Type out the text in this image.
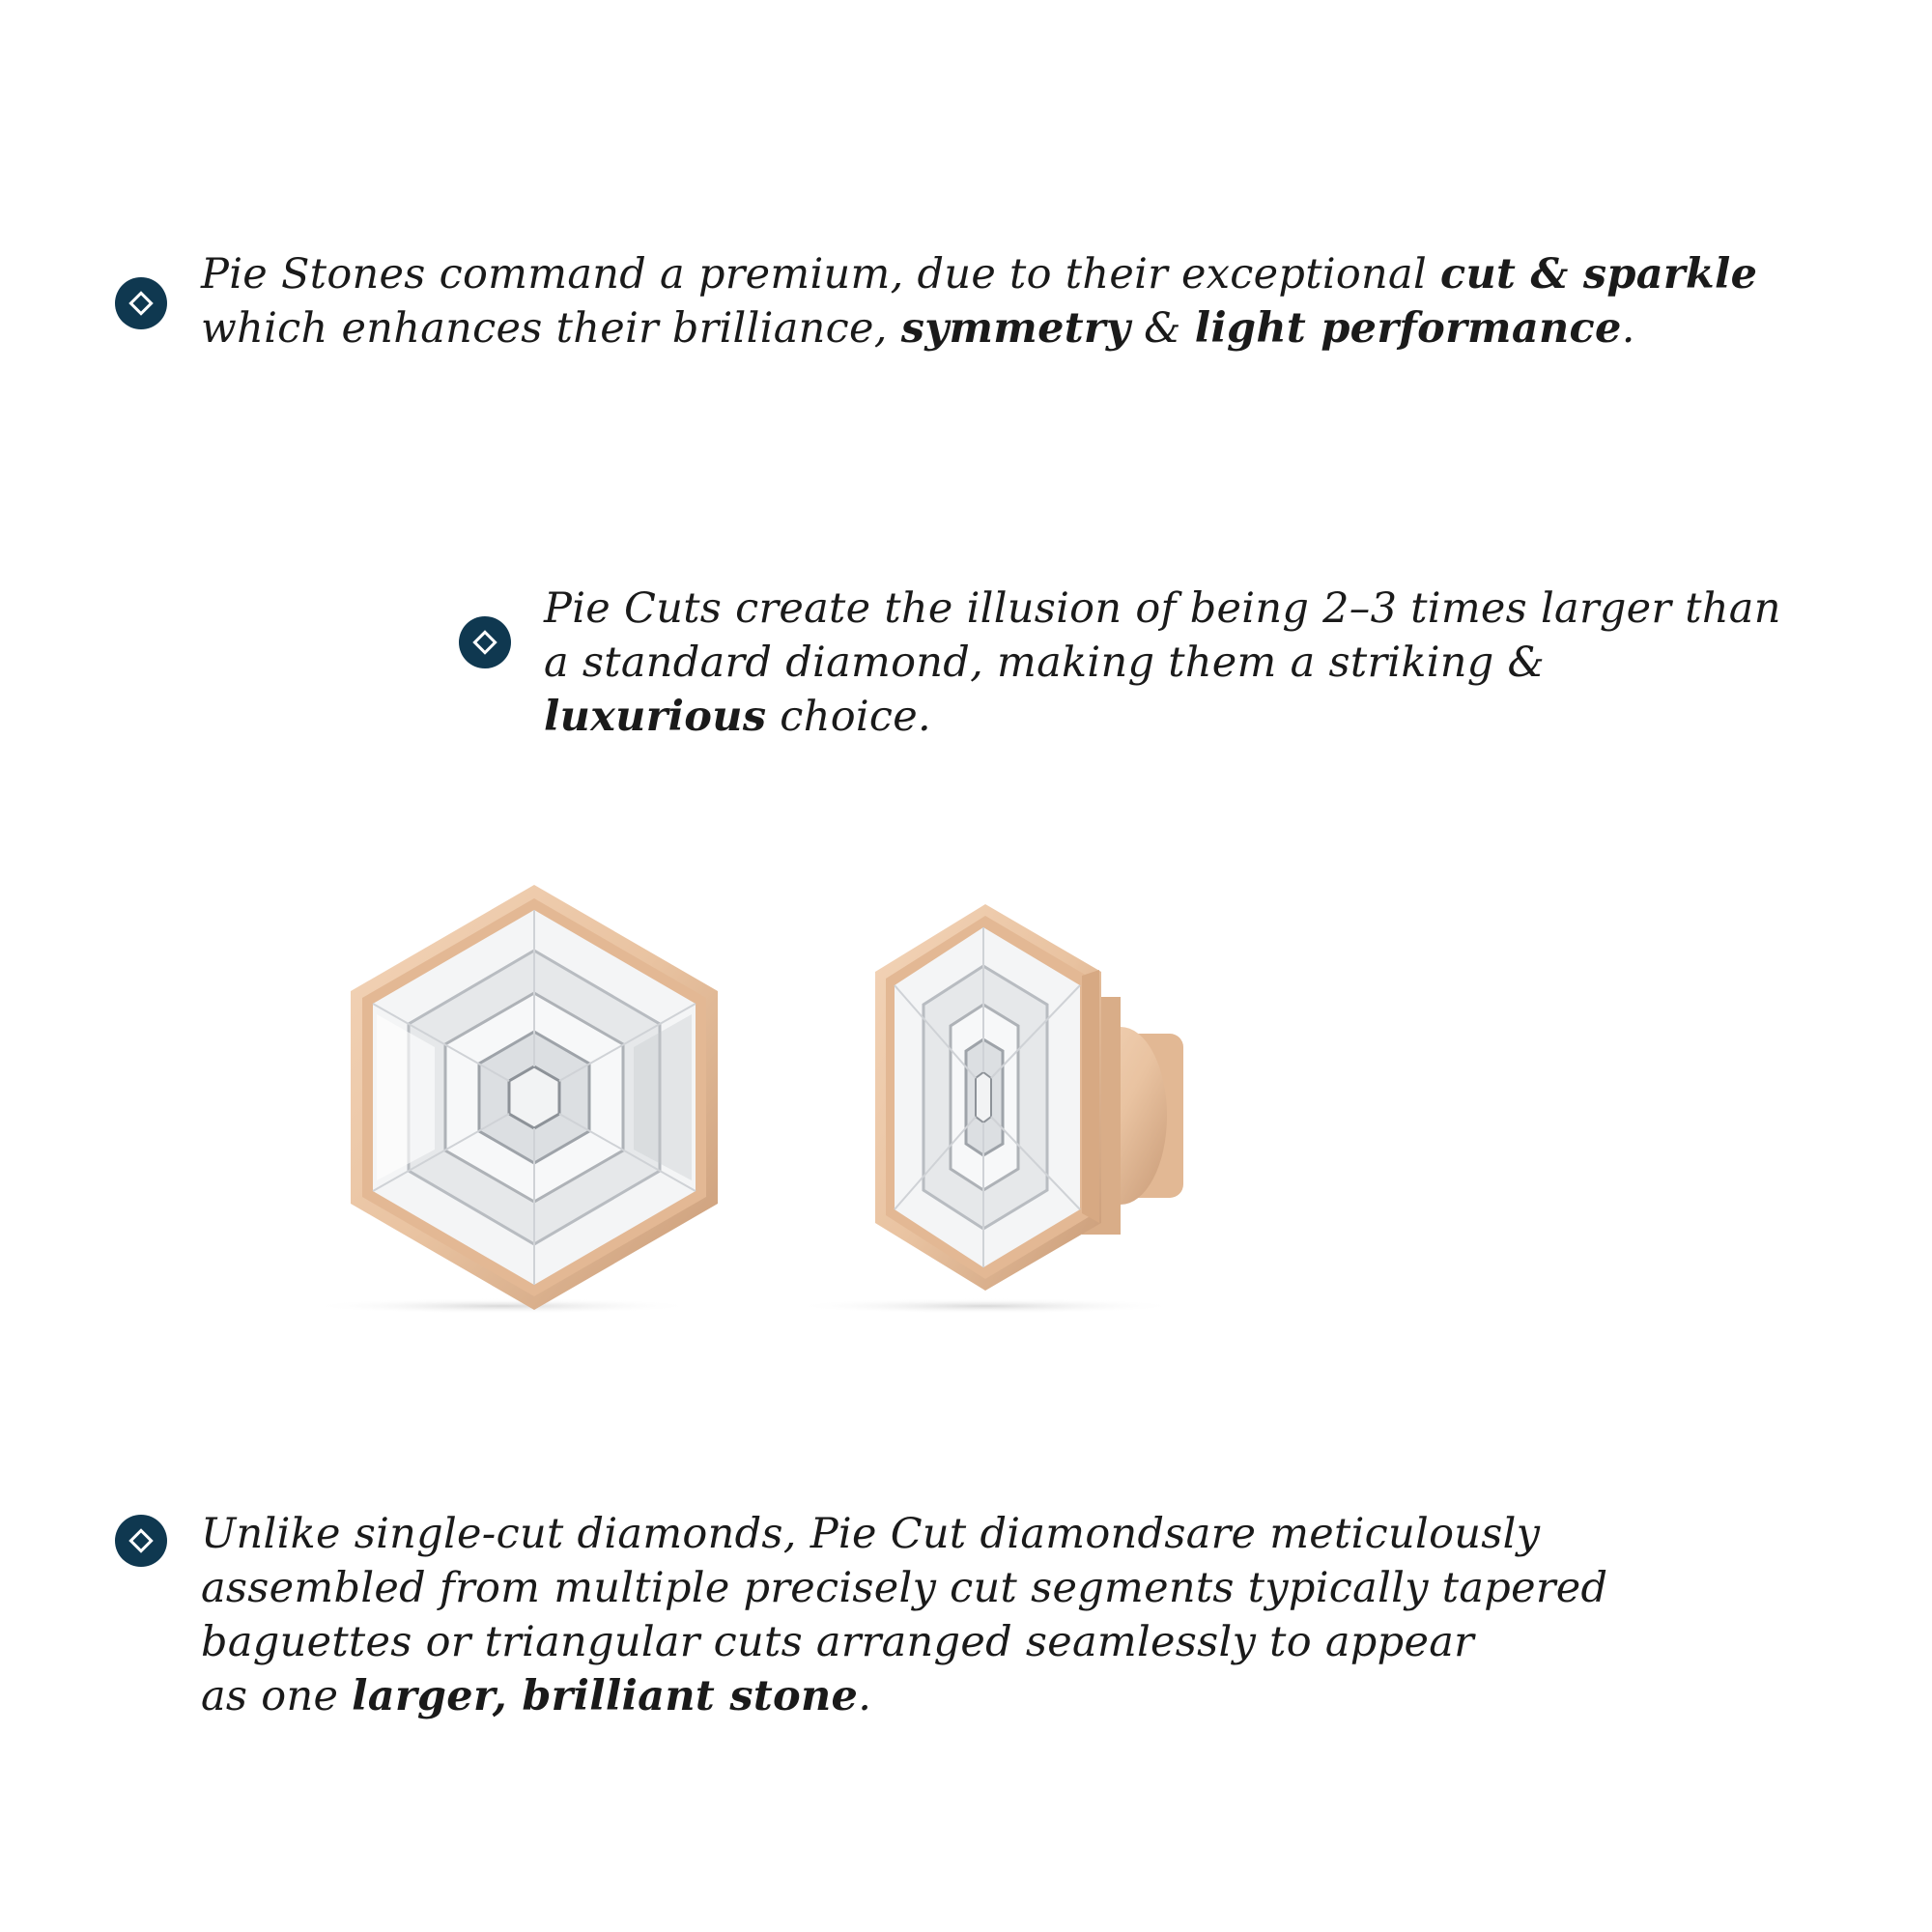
Pie Stones command a premium, due to their exceptional cut & sparkle
which enhances their brilliance, symmetry & light performance.
Pie Cuts create the illusion of being 2–3 times larger than
a standard diamond, making them a striking &
luxurious choice.
Unlike single-cut diamonds, Pie Cut diamondsare meticulously
assembled from multiple precisely cut segments typically tapered
baguettes or triangular cuts arranged seamlessly to appear
as one larger, brilliant stone.
